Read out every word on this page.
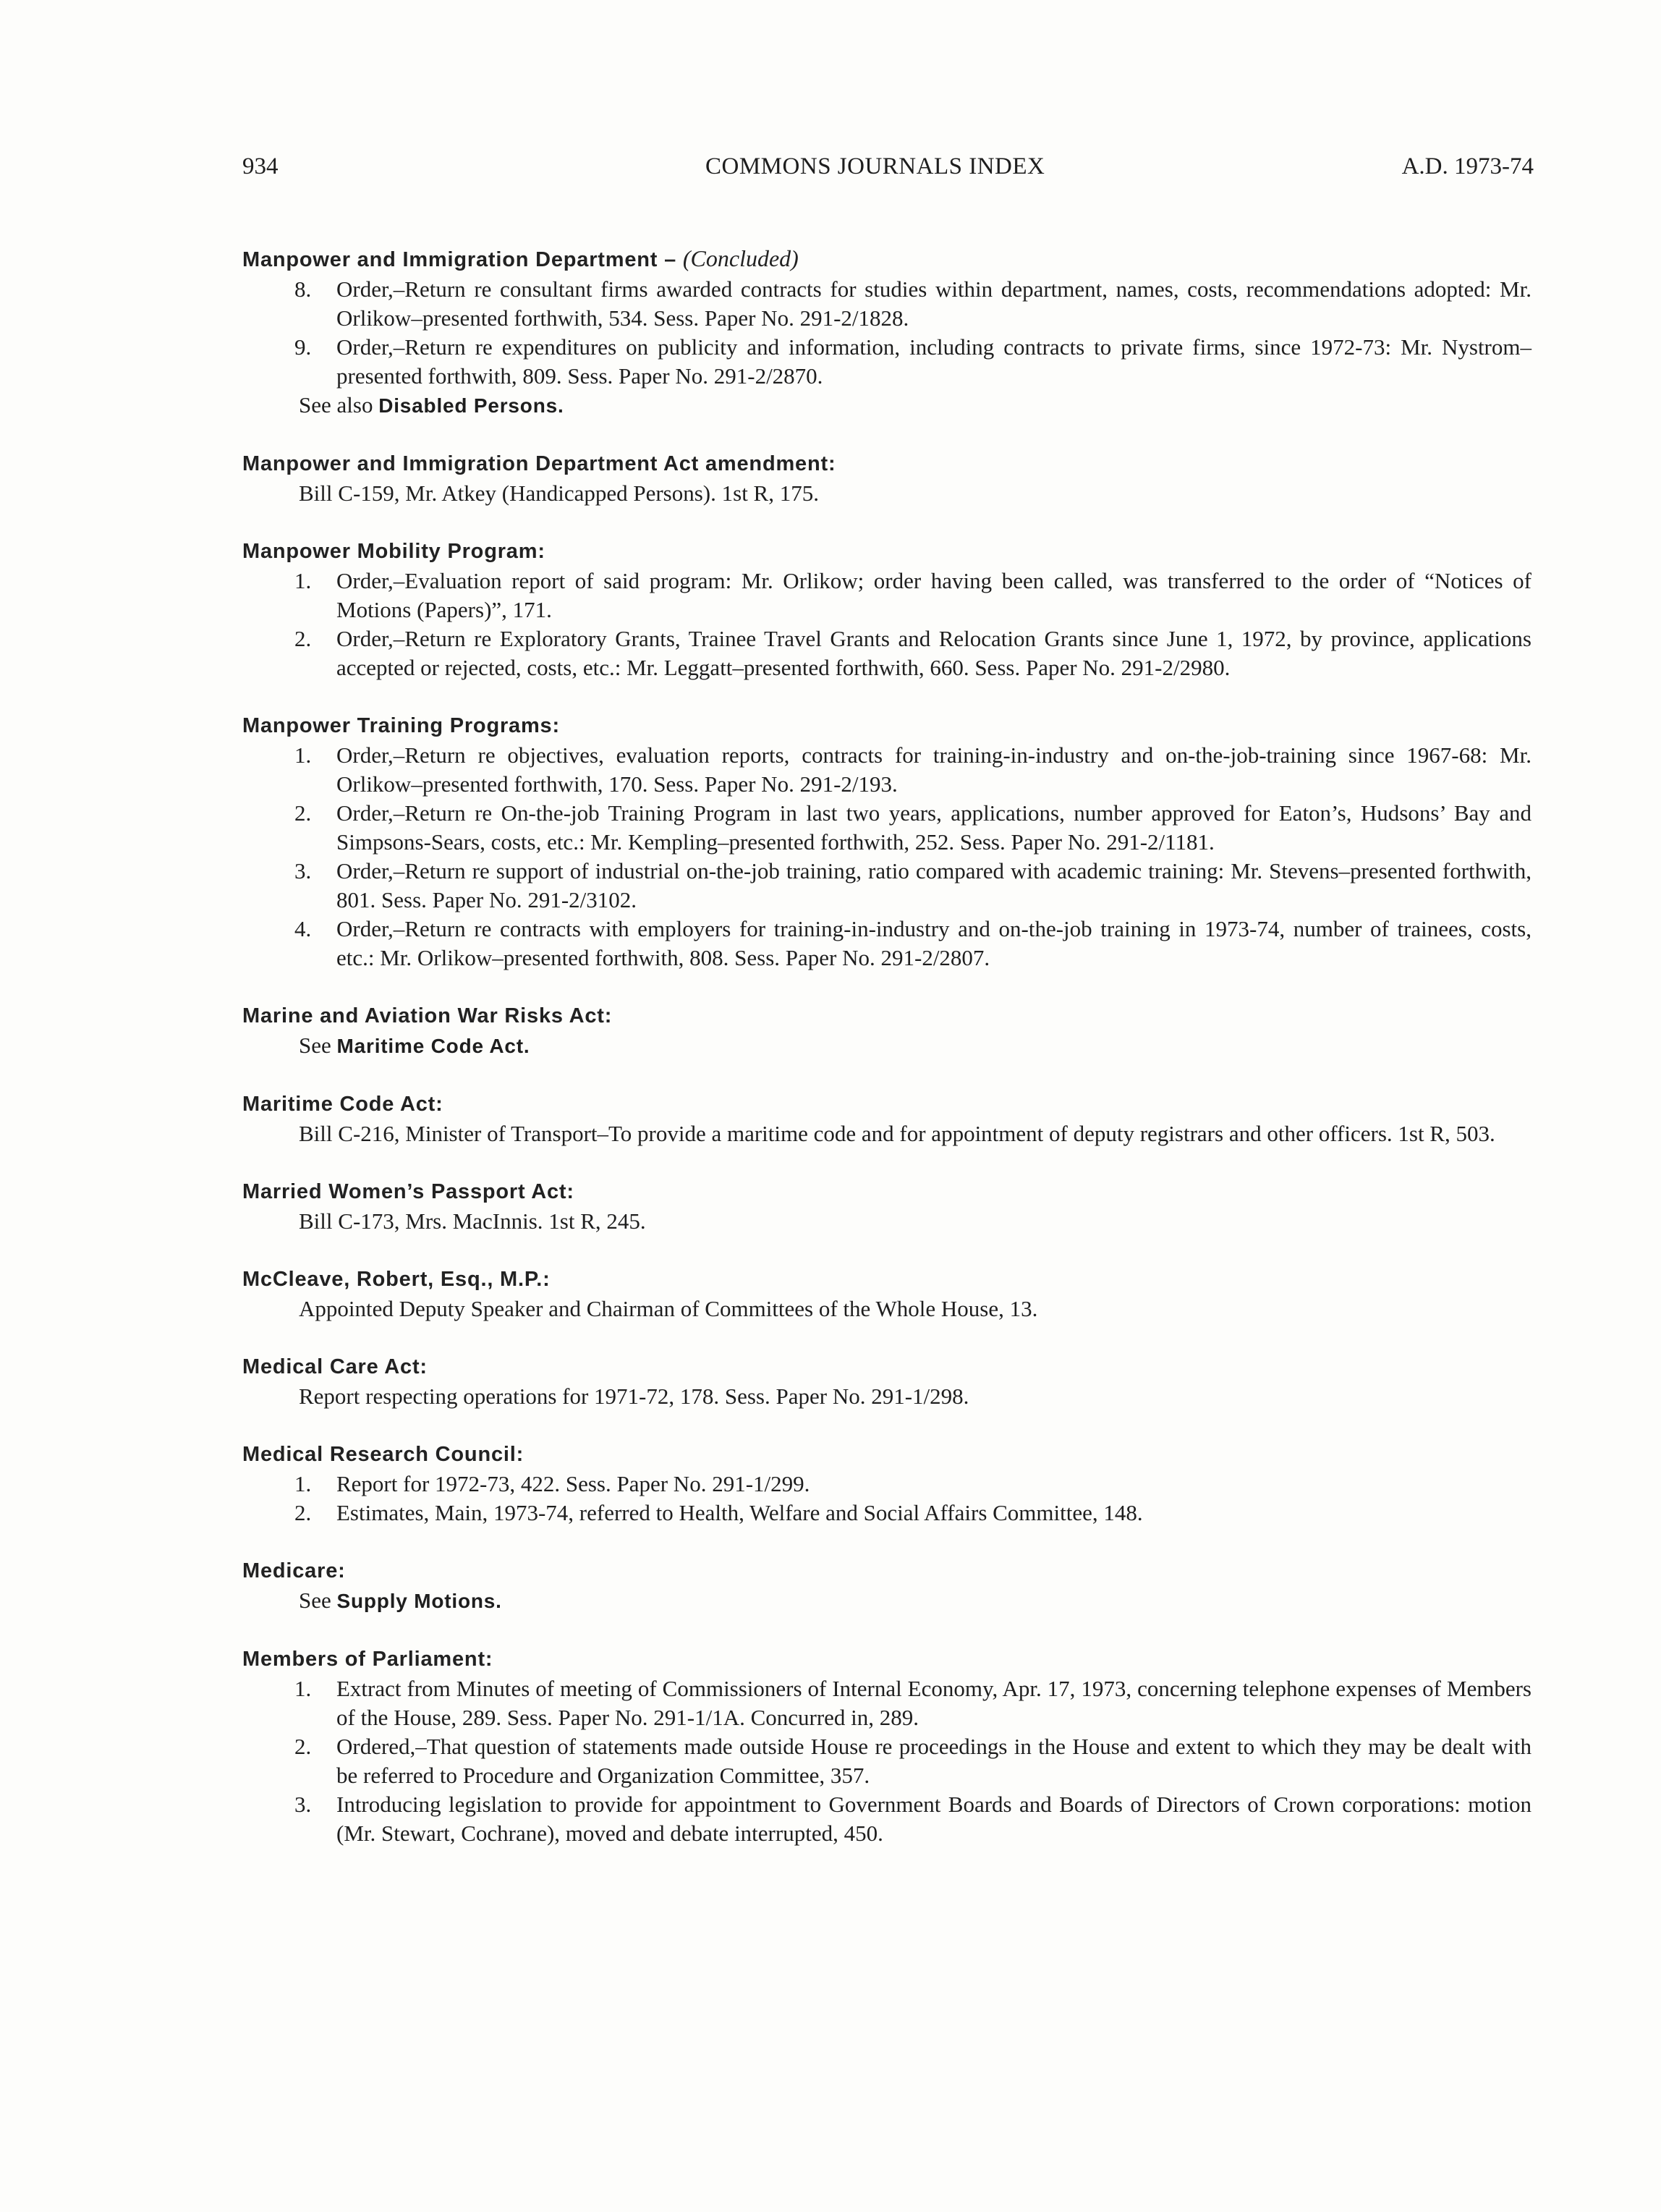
934	COMMONS JOURNALS INDEX	A.D. 1973-74

Manpower and Immigration Department – (Concluded)

8. Order,–Return re consultant firms awarded contracts for studies within department, names, costs, recommendations adopted: Mr. Orlikow–presented forthwith, 534. Sess. Paper No. 291-2/1828.

9. Order,–Return re expenditures on publicity and information, including contracts to private firms, since 1972-73: Mr. Nystrom–presented forthwith, 809. Sess. Paper No. 291-2/2870.

See also Disabled Persons.

Manpower and Immigration Department Act amendment:

Bill C-159, Mr. Atkey (Handicapped Persons). 1st R, 175.

Manpower Mobility Program:

1. Order,–Evaluation report of said program: Mr. Orlikow; order having been called, was transferred to the order of “Notices of Motions (Papers)”, 171.

2. Order,–Return re Exploratory Grants, Trainee Travel Grants and Relocation Grants since June 1, 1972, by province, applications accepted or rejected, costs, etc.: Mr. Leggatt–presented forthwith, 660. Sess. Paper No. 291-2/2980.

Manpower Training Programs:

1. Order,–Return re objectives, evaluation reports, contracts for training-in-industry and on-the-job-training since 1967-68: Mr. Orlikow–presented forthwith, 170. Sess. Paper No. 291-2/193.

2. Order,–Return re On-the-job Training Program in last two years, applications, number approved for Eaton’s, Hudsons’ Bay and Simpsons-Sears, costs, etc.: Mr. Kempling–presented forthwith, 252. Sess. Paper No. 291-2/1181.

3. Order,–Return re support of industrial on-the-job training, ratio compared with academic training: Mr. Stevens–presented forthwith, 801. Sess. Paper No. 291-2/3102.

4. Order,–Return re contracts with employers for training-in-industry and on-the-job training in 1973-74, number of trainees, costs, etc.: Mr. Orlikow–presented forthwith, 808. Sess. Paper No. 291-2/2807.

Marine and Aviation War Risks Act:

See Maritime Code Act.

Maritime Code Act:

Bill C-216, Minister of Transport–To provide a maritime code and for appointment of deputy registrars and other officers. 1st R, 503.

Married Women’s Passport Act:

Bill C-173, Mrs. MacInnis. 1st R, 245.

McCleave, Robert, Esq., M.P.:

Appointed Deputy Speaker and Chairman of Committees of the Whole House, 13.

Medical Care Act:

Report respecting operations for 1971-72, 178. Sess. Paper No. 291-1/298.

Medical Research Council:

1. Report for 1972-73, 422. Sess. Paper No. 291-1/299.

2. Estimates, Main, 1973-74, referred to Health, Welfare and Social Affairs Committee, 148.

Medicare:

See Supply Motions.

Members of Parliament:

1. Extract from Minutes of meeting of Commissioners of Internal Economy, Apr. 17, 1973, concerning telephone expenses of Members of the House, 289. Sess. Paper No. 291-1/1A. Concurred in, 289.

2. Ordered,–That question of statements made outside House re proceedings in the House and extent to which they may be dealt with be referred to Procedure and Organization Committee, 357.

3. Introducing legislation to provide for appointment to Government Boards and Boards of Directors of Crown corporations: motion (Mr. Stewart, Cochrane), moved and debate interrupted, 450.
